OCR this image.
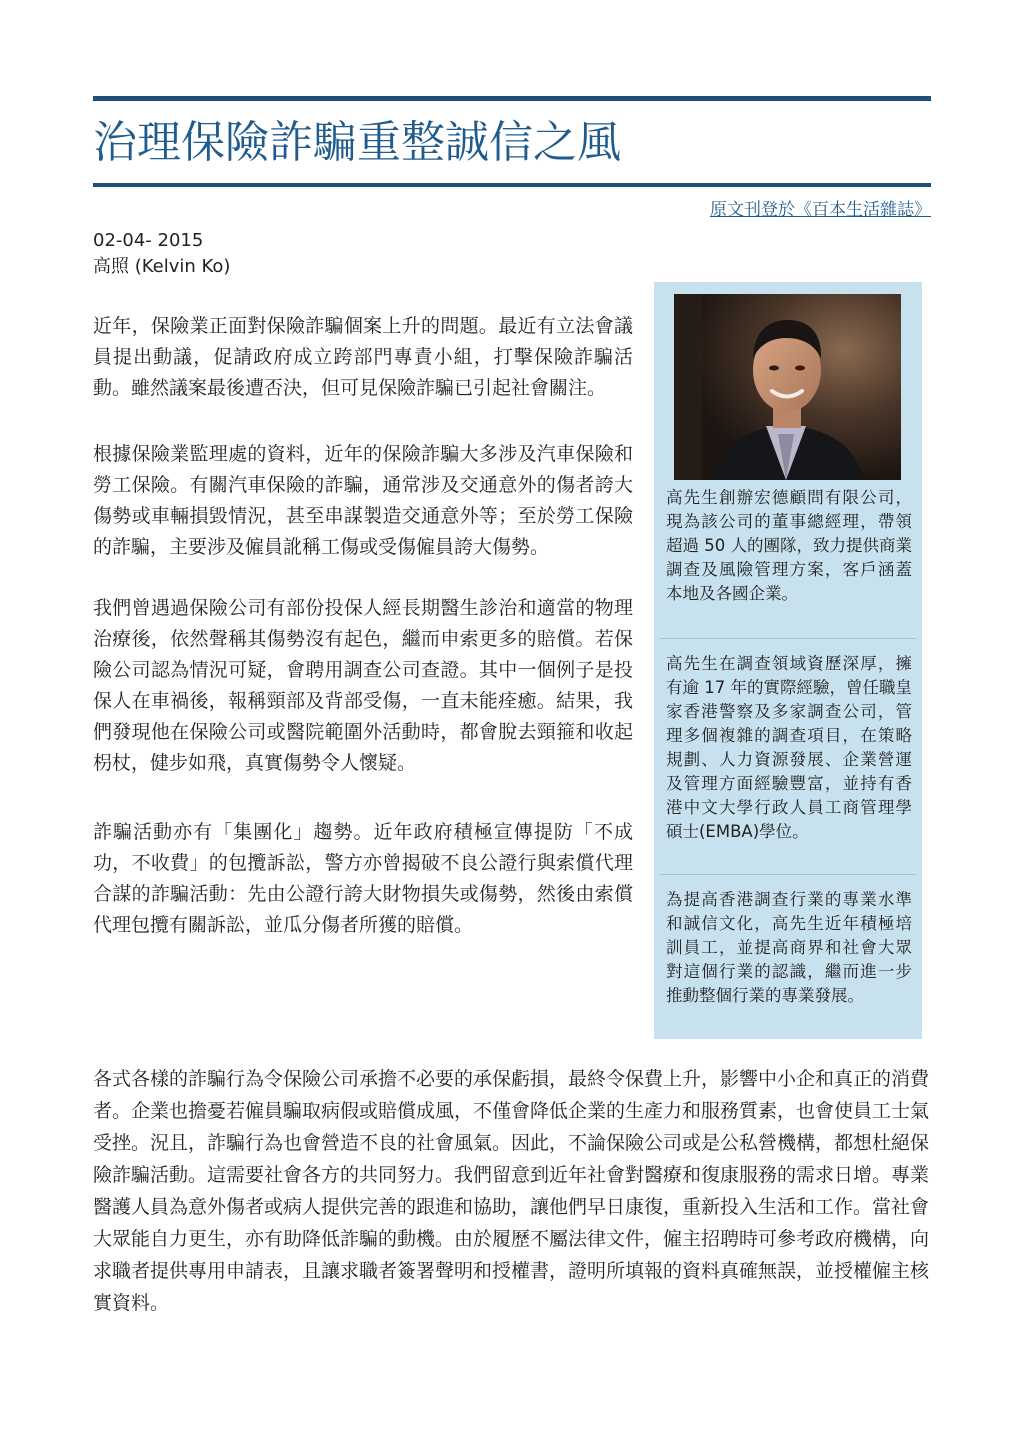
治理保險詐騙重整誠信之風
原文刊登於《百本生活雜誌》
02-04- 2015
高照 (Kelvin Ko)

近年，保險業正面對保險詐騙個案上升的問題。最近有立法會議員提出動議，促請政府成立跨部門專責小組，打擊保險詐騙活動。雖然議案最後遭否決，但可見保險詐騙已引起社會關注。

根據保險業監理處的資料，近年的保險詐騙大多涉及汽車保險和勞工保險。有關汽車保險的詐騙，通常涉及交通意外的傷者誇大傷勢或車輛損毀情況，甚至串謀製造交通意外等；至於勞工保險的詐騙，主要涉及僱員訛稱工傷或受傷僱員誇大傷勢。

我們曾遇過保險公司有部份投保人經長期醫生診治和適當的物理治療後，依然聲稱其傷勢沒有起色，繼而申索更多的賠償。若保險公司認為情況可疑，會聘用調查公司查證。其中一個例子是投保人在車禍後，報稱頸部及背部受傷，一直未能痊癒。結果，我們發現他在保險公司或醫院範圍外活動時，都會脫去頸箍和收起枴杖，健步如飛，真實傷勢令人懷疑。

詐騙活動亦有「集團化」趨勢。近年政府積極宣傳提防「不成功，不收費」的包攬訴訟，警方亦曾揭破不良公證行與索償代理合謀的詐騙活動：先由公證行誇大財物損失或傷勢，然後由索償代理包攬有關訴訟，並瓜分傷者所獲的賠償。

高先生創辦宏德顧問有限公司，現為該公司的董事總經理，帶領超過 50 人的團隊，致力提供商業調查及風險管理方案，客戶涵蓋本地及各國企業。

高先生在調查領域資歷深厚，擁有逾 17 年的實際經驗，曾任職皇家香港警察及多家調查公司，管理多個複雜的調查項目，在策略規劃、人力資源發展、企業營運及管理方面經驗豐富，並持有香港中文大學行政人員工商管理學碩士(EMBA)學位。

為提高香港調查行業的專業水準和誠信文化，高先生近年積極培訓員工，並提高商界和社會大眾對這個行業的認識，繼而進一步推動整個行業的專業發展。

各式各樣的詐騙行為令保險公司承擔不必要的承保虧損，最終令保費上升，影響中小企和真正的消費者。企業也擔憂若僱員騙取病假或賠償成風，不僅會降低企業的生產力和服務質素，也會使員工士氣受挫。況且，詐騙行為也會營造不良的社會風氣。因此，不論保險公司或是公私營機構，都想杜絕保險詐騙活動。這需要社會各方的共同努力。我們留意到近年社會對醫療和復康服務的需求日增。專業醫護人員為意外傷者或病人提供完善的跟進和協助，讓他們早日康復，重新投入生活和工作。當社會大眾能自力更生，亦有助降低詐騙的動機。由於履歷不屬法律文件，僱主招聘時可參考政府機構，向求職者提供專用申請表，且讓求職者簽署聲明和授權書，證明所填報的資料真確無誤，並授權僱主核實資料。
